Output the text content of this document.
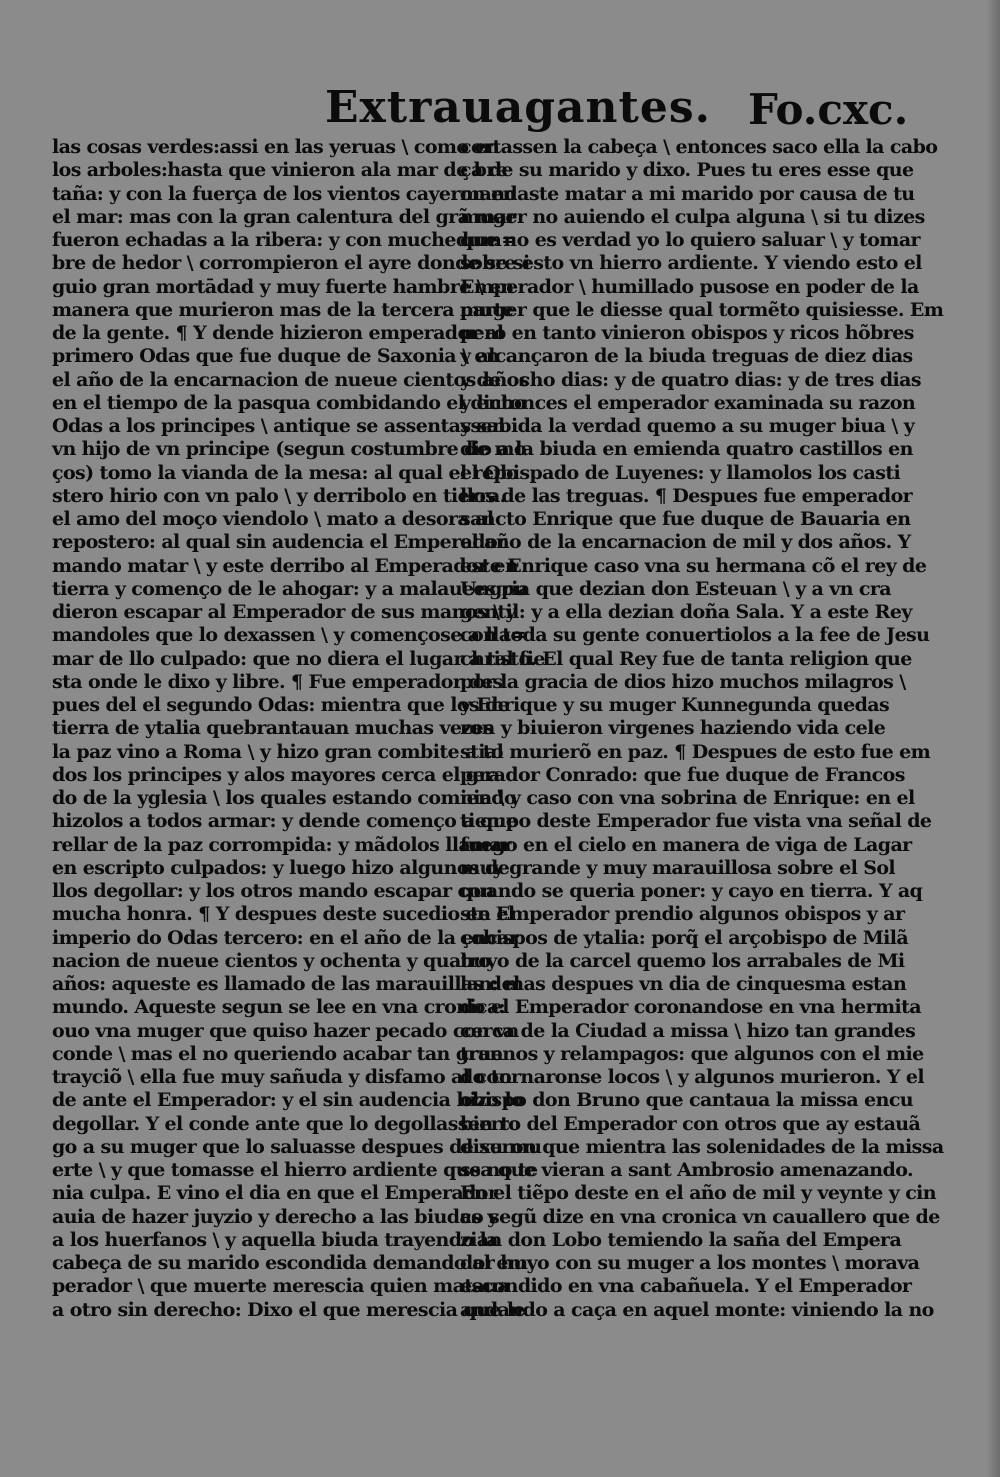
Extrauagantes. Fo.cxc.
las cosas verdes:assi en las yeruas \ como en
los arboles:hasta que vinieron ala mar de bre
taña: y con la fuerça de los vientos cayeron en
el mar: mas con la gran calentura del grã mar
fueron echadas a la ribera: y con muchedum=
bre de hedor \ corrompieron el ayre donde se si
guio gran mortādad y muy fuerte hambre \ en
manera que murieron mas de la tercera parte
de la gente. ¶ Y dende hizieron emperador al
primero Odas que fue duque de Saxonia \ en
el año de la encarnacion de nueue cientos años
en el tiempo de la pasqua combidando el dicho
Odas a los principes \ antique se assentassen
vn hijo de vn principe (segun costumbre de mo
ços) tomo la vianda de la mesa: al qual el repo
stero hirio con vn palo \ y derribolo en tierra.
el amo del moço viendolo \ mato a desora al
repostero: al qual sin audencia el Emperador
mando matar \ y este derribo al Emperador en
tierra y començo de le ahogar: y a malauees pu
dieron escapar al Emperador de sus manos \ y
mandoles que lo dexassen \ y començose a lla=
mar de llo culpado: que no diera el lugar a tal fie
sta onde le dixo y libre. ¶ Fue emperador des
pues del el segundo Odas: mientra que los de
tierra de ytalia quebrantauan muchas vezes
la paz vino a Roma \ y hizo gran combite a to
dos los principes y alos mayores cerca el gra
do de la yglesia \ los quales estando comiendo
hizolos a todos armar: y dende començo a que
rellar de la paz corrompida: y mãdolos llamar
en escripto culpados: y luego hizo algunos de
llos degollar: y los otros mando escapar con
mucha honra. ¶ Y despues deste sucedio en el
imperio do Odas tercero: en el año de la encar
nacion de nueue cientos y ochenta y quatro
años: aqueste es llamado de las marauillas del
mundo. Aqueste segun se lee en vna cronica:
ouo vna muger que quiso hazer pecado con vn
conde \ mas el no queriendo acabar tan gran
trayciõ \ ella fue muy sañuda y disfamo al con
de ante el Emperador: y el sin audencia hizo lo
degollar. Y el conde ante que lo degollassen ro
go a su muger que lo saluasse despues de su mu
erte \ y que tomasse el hierro ardiente que no te
nia culpa. E vino el dia en que el Emperador
auia de hazer juyzio y derecho a las biudas y
a los huerfanos \ y aquella biuda trayendo la
cabeça de su marido escondida demando al em
perador \ que muerte merescia quien mataua
a otro sin derecho: Dixo el que merescia que le
cortassen la cabeça \ entonces saco ella la cabo
ça de su marido y dixo. Pues tu eres esse que
mandaste matar a mi marido por causa de tu
muger no auiendo el culpa alguna \ si tu dizes
que no es verdad yo lo quiero saluar \ y tomar
sobre esto vn hierro ardiente. Y viendo esto el
Emperador \ humillado pusose en poder de la
muger que le diesse qual tormẽto quisiesse. Em
pero en tanto vinieron obispos y ricos hõbres
y alcançaron de la biuda treguas de diez dias
y de ocho dias: y de quatro dias: y de tres dias
y entonces el emperador examinada su razon
y sabida la verdad quemo a su muger biua \ y
dio a la biuda en emienda quatro castillos en
el Obispado de Luyenes: y llamolos los casti
llos de las treguas. ¶ Despues fue emperador
sancto Enrique que fue duque de Bauaria en
el año de la encarnacion de mil y dos años. Y
este Enrique caso vna su hermana cõ el rey de
Ungria que dezian don Esteuan \ y a vn cra
gentil: y a ella dezian doña Sala. Y a este Rey
con toda su gente conuertiolos a la fee de Jesu
christo. El qual Rey fue de tanta religion que
por la gracia de dios hizo muchos milagros \
y Enrique y su muger Kunnegunda quedas
ron y biuieron virgenes haziendo vida cele
stial murierõ en paz. ¶ Despues de esto fue em
perador Conrado: que fue duque de Francos
nia \ y caso con vna sobrina de Enrique: en el
tiempo deste Emperador fue vista vna señal de
fuego en el cielo en manera de viga de Lagar
muy grande y muy marauillosa sobre el Sol
quando se queria poner: y cayo en tierra. Y aq
ste Emperador prendio algunos obispos y ar
çobispos de ytalia: porq̃ el arçobispo de Milã
huyo de la carcel quemo los arrabales de Mi
lan: mas despues vn dia de cinquesma estan
do el Emperador coronandose en vna hermita
cerca de la Ciudad a missa \ hizo tan grandes
truenos y relampagos: que algunos con el mie
do tornaronse locos \ y algunos murieron. Y el
obispo don Bruno que cantaua la missa encu
bierto del Emperador con otros que ay estauã
dixeron que mientra las solenidades de la missa
ssa que vieran a sant Ambrosio amenazando.
En el tiẽpo deste en el año de mil y veynte y cin
co segũ dize en vna cronica vn cauallero que de
zian don Lobo temiendo la saña del Empera
dor huyo con su muger a los montes \ morava
escondido en vna cabañuela. Y el Emperador
andando a caça en aquel monte: viniendo la no
